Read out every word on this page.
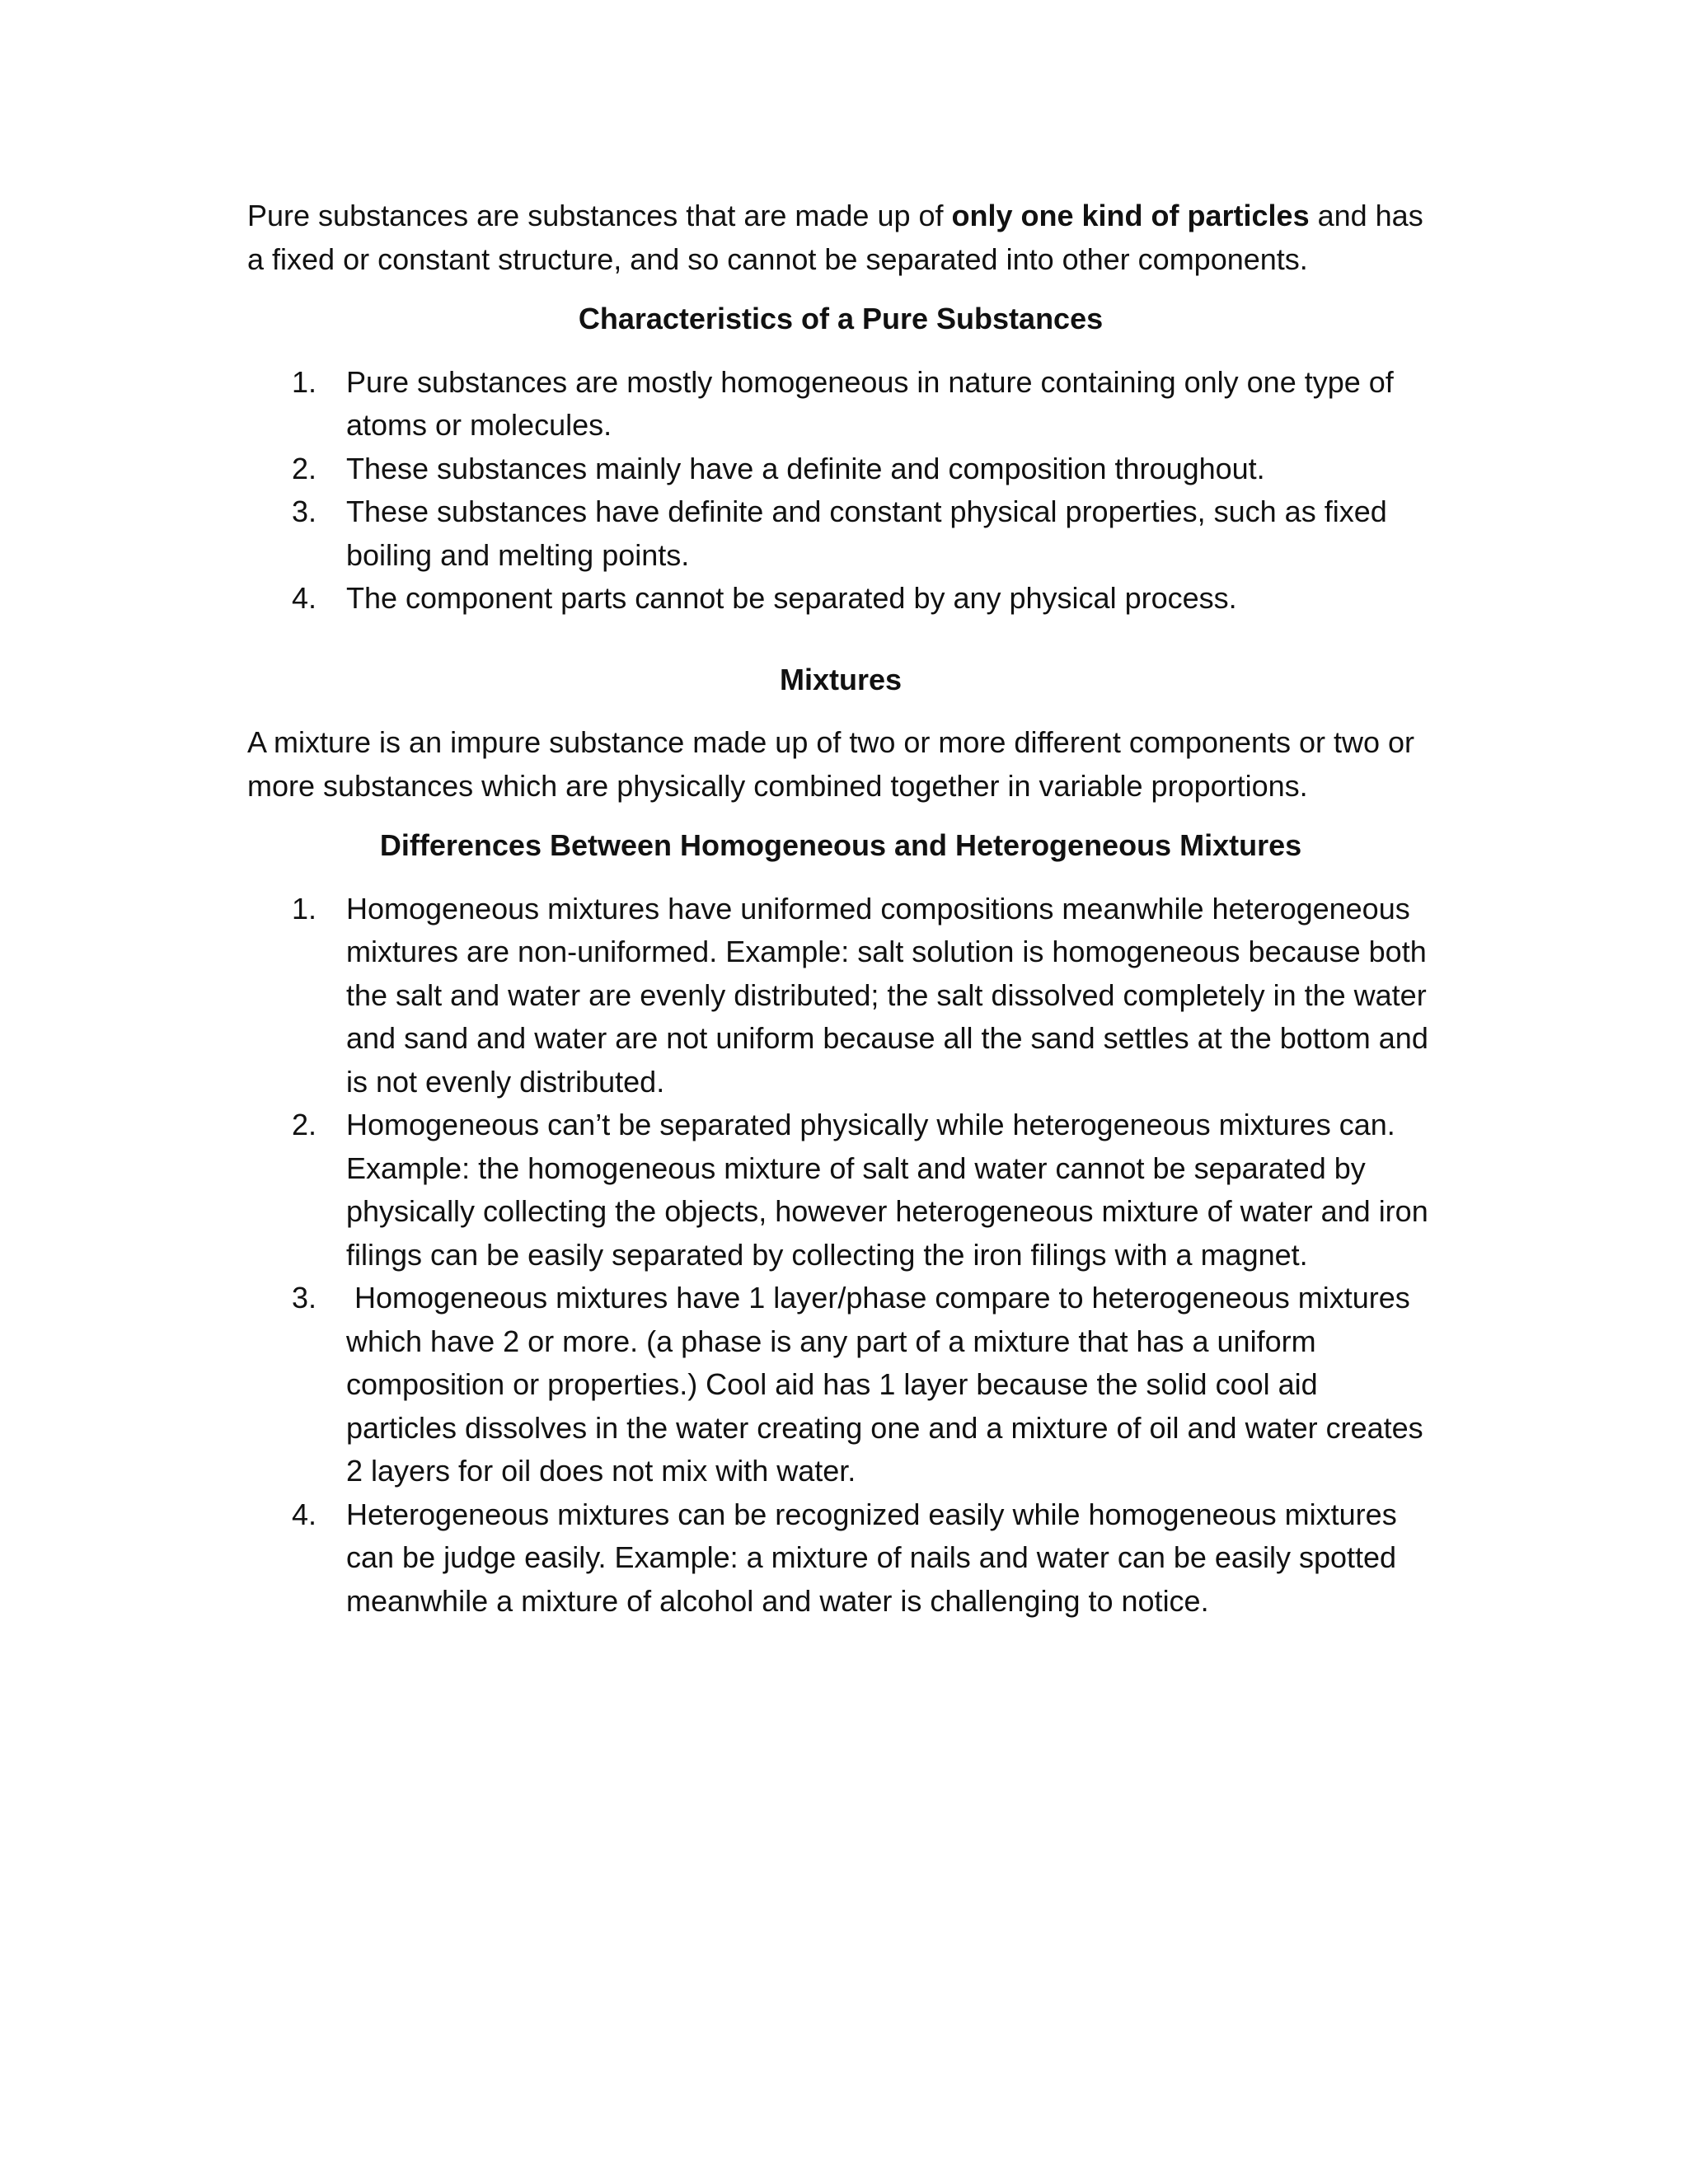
Pure substances are substances that are made up of only one kind of particles and has a fixed or constant structure, and so cannot be separated into other components.

Characteristics of a Pure Substances

1. Pure substances are mostly homogeneous in nature containing only one type of atoms or molecules.
2. These substances mainly have a definite and composition throughout.
3. These substances have definite and constant physical properties, such as fixed boiling and melting points.
4. The component parts cannot be separated by any physical process.

Mixtures

A mixture is an impure substance made up of two or more different components or two or more substances which are physically combined together in variable proportions.

Differences Between Homogeneous and Heterogeneous Mixtures

1. Homogeneous mixtures have uniformed compositions meanwhile heterogeneous mixtures are non-uniformed. Example: salt solution is homogeneous because both the salt and water are evenly distributed; the salt dissolved completely in the water and sand and water are not uniform because all the sand settles at the bottom and is not evenly distributed.
2. Homogeneous can’t be separated physically while heterogeneous mixtures can. Example: the homogeneous mixture of salt and water cannot be separated by physically collecting the objects, however heterogeneous mixture of water and iron filings can be easily separated by collecting the iron filings with a magnet.
3. Homogeneous mixtures have 1 layer/phase compare to heterogeneous mixtures which have 2 or more. (a phase is any part of a mixture that has a uniform composition or properties.) Cool aid has 1 layer because the solid cool aid particles dissolves in the water creating one and a mixture of oil and water creates 2 layers for oil does not mix with water.
4. Heterogeneous mixtures can be recognized easily while homogeneous mixtures can be judge easily. Example: a mixture of nails and water can be easily spotted meanwhile a mixture of alcohol and water is challenging to notice.
